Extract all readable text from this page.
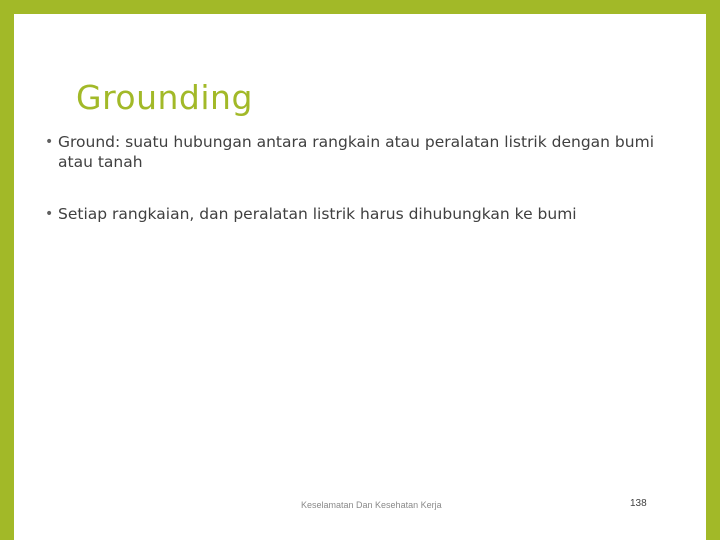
Grounding
• Ground: suatu hubungan antara rangkain atau peralatan listrik dengan bumi atau tanah
• Setiap rangkaian, dan peralatan listrik harus dihubungkan ke bumi
Keselamatan Dan Kesehatan Kerja	138
